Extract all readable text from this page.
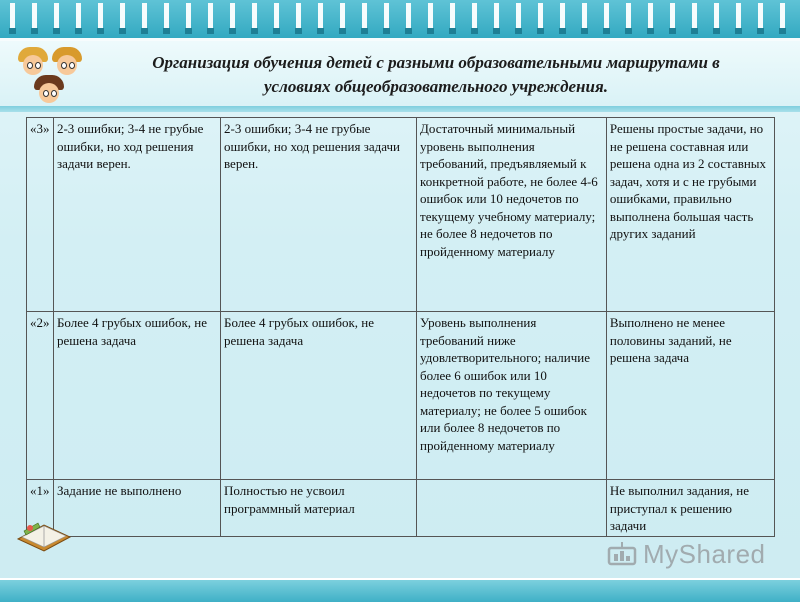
Организация обучения детей с разными образовательными маршрутами в
условиях общеобразовательного учреждения.
«3»	2-3 ошибки; 3-4 не грубые ошибки, но ход решения задачи верен.	2-3 ошибки; 3-4 не грубые ошибки, но ход решения задачи верен.	Достаточный минимальный уровень выполнения требований, предъявляемый к конкретной работе, не более 4-6 ошибок или 10 недочетов по текущему учебному материалу; не более 8 недочетов по пройденному материалу	Решены простые задачи, но не решена составная или решена одна из 2 составных задач, хотя и с не грубыми ошибками, правильно выполнена большая часть других заданий
«2»	Более 4 грубых ошибок, не решена задача	Более 4 грубых ошибок, не решена задача	Уровень выполнения требований ниже удовлетворительного; наличие более 6 ошибок или 10 недочетов по текущему материалу; не более 5 ошибок или более 8 недочетов по пройденному материалу	Выполнено не менее половины заданий, не решена задача
«1»	Задание не выполнено	Полностью не усвоил программный материал		Не выполнил задания, не приступал к решению задачи
MyShared
